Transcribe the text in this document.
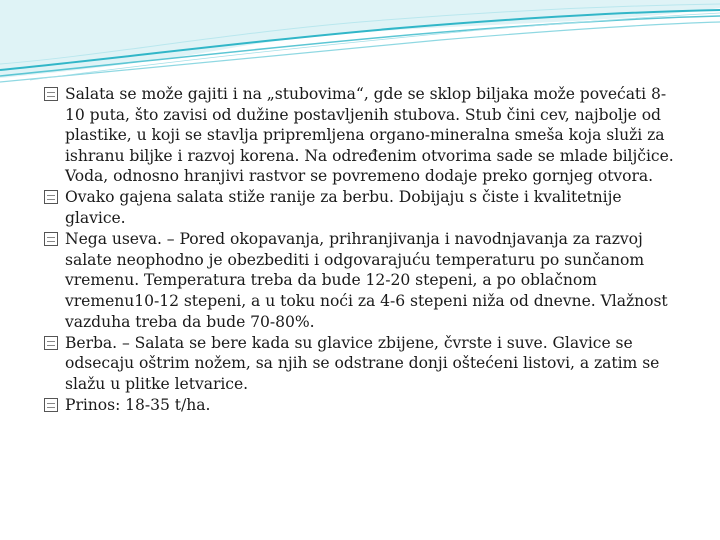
Salata se može gajiti i na „stubovima“, gde se sklop biljaka može povećati 8-10 puta, što zavisi od dužine postavljenih stubova. Stub čini cev, najbolje od plastike, u koji se stavlja pripremljena organo-mineralna smeša koja služi za ishranu biljke i razvoj korena. Na određenim otvorima sade se mlade biljčice. Voda, odnosno hranjivi rastvor se povremeno dodaje preko gornjeg otvora.
Ovako gajena salata stiže ranije za berbu. Dobijaju s čiste i kvalitetnije glavice.
Nega useva. – Pored okopavanja, prihranjivanja i navodnjavanja za razvoj salate neophodno je obezbediti i odgovarajuću temperaturu po sunčanom vremenu. Temperatura treba da bude 12-20 stepeni, a po oblačnom vremenu10-12 stepeni, a u toku noći za 4-6 stepeni niža od dnevne. Vlažnost vazduha treba da bude 70-80%.
Berba. – Salata se bere kada su glavice zbijene, čvrste i suve. Glavice se odsecaju oštrim nožem, sa njih se odstrane donji oštećeni listovi, a zatim se slažu u plitke letvarice.
Prinos: 18-35 t/ha.
